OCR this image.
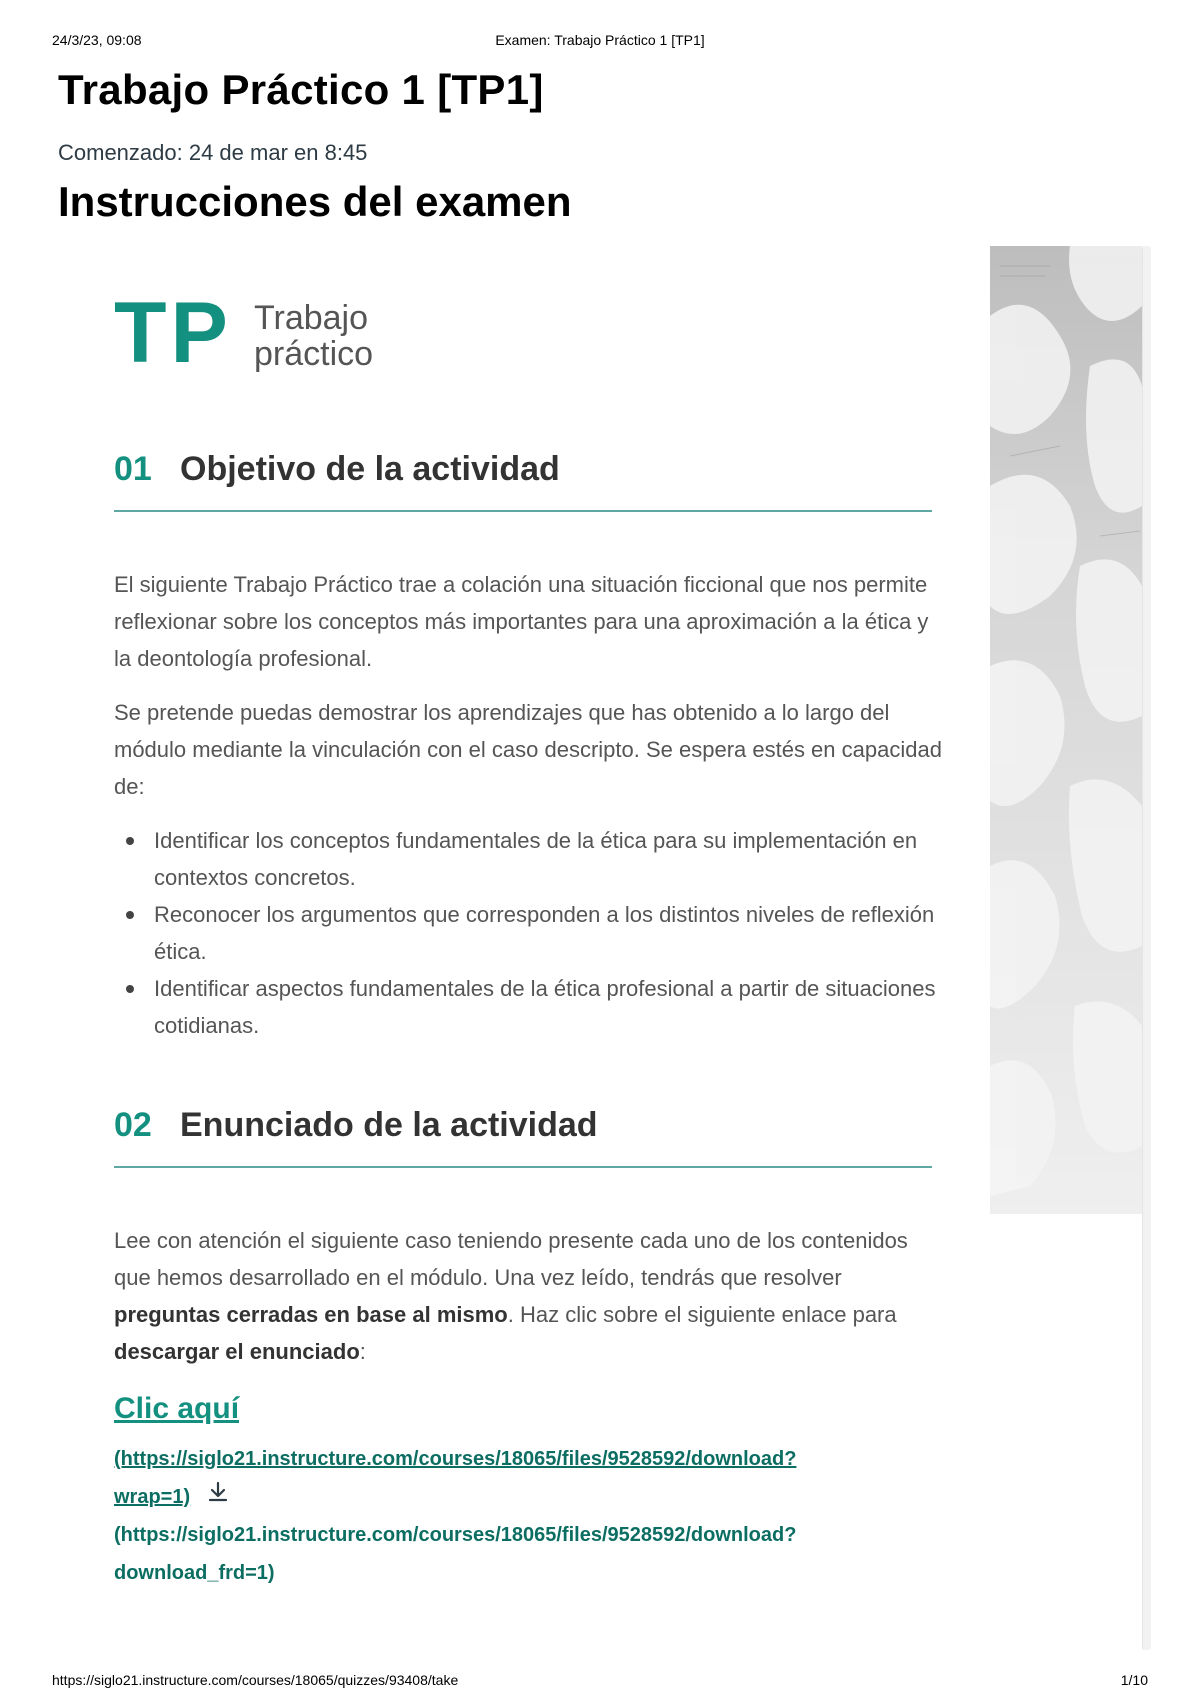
24/3/23, 09:08	Examen: Trabajo Práctico 1 [TP1]
Trabajo Práctico 1 [TP1]
Comenzado: 24 de mar en 8:45
Instrucciones del examen
TP Trabajo
práctico
01 Objetivo de la actividad

El siguiente Trabajo Práctico trae a colación una situación ficcional que nos permite reflexionar sobre los conceptos más importantes para una aproximación a la ética y la deontología profesional.

Se pretende puedas demostrar los aprendizajes que has obtenido a lo largo del módulo mediante la vinculación con el caso descripto. Se espera estés en capacidad de:

Identificar los conceptos fundamentales de la ética para su implementación en contextos concretos.
Reconocer los argumentos que corresponden a los distintos niveles de reflexión ética.
Identificar aspectos fundamentales de la ética profesional a partir de situaciones cotidianas.
02 Enunciado de la actividad

Lee con atención el siguiente caso teniendo presente cada uno de los contenidos que hemos desarrollado en el módulo. Una vez leído, tendrás que resolver preguntas cerradas en base al mismo. Haz clic sobre el siguiente enlace para descargar el enunciado:

Clic aquí
(https://siglo21.instructure.com/courses/18065/files/9528592/download?
wrap=1)
(https://siglo21.instructure.com/courses/18065/files/9528592/download?
download_frd=1)
https://siglo21.instructure.com/courses/18065/quizzes/93408/take	1/10
